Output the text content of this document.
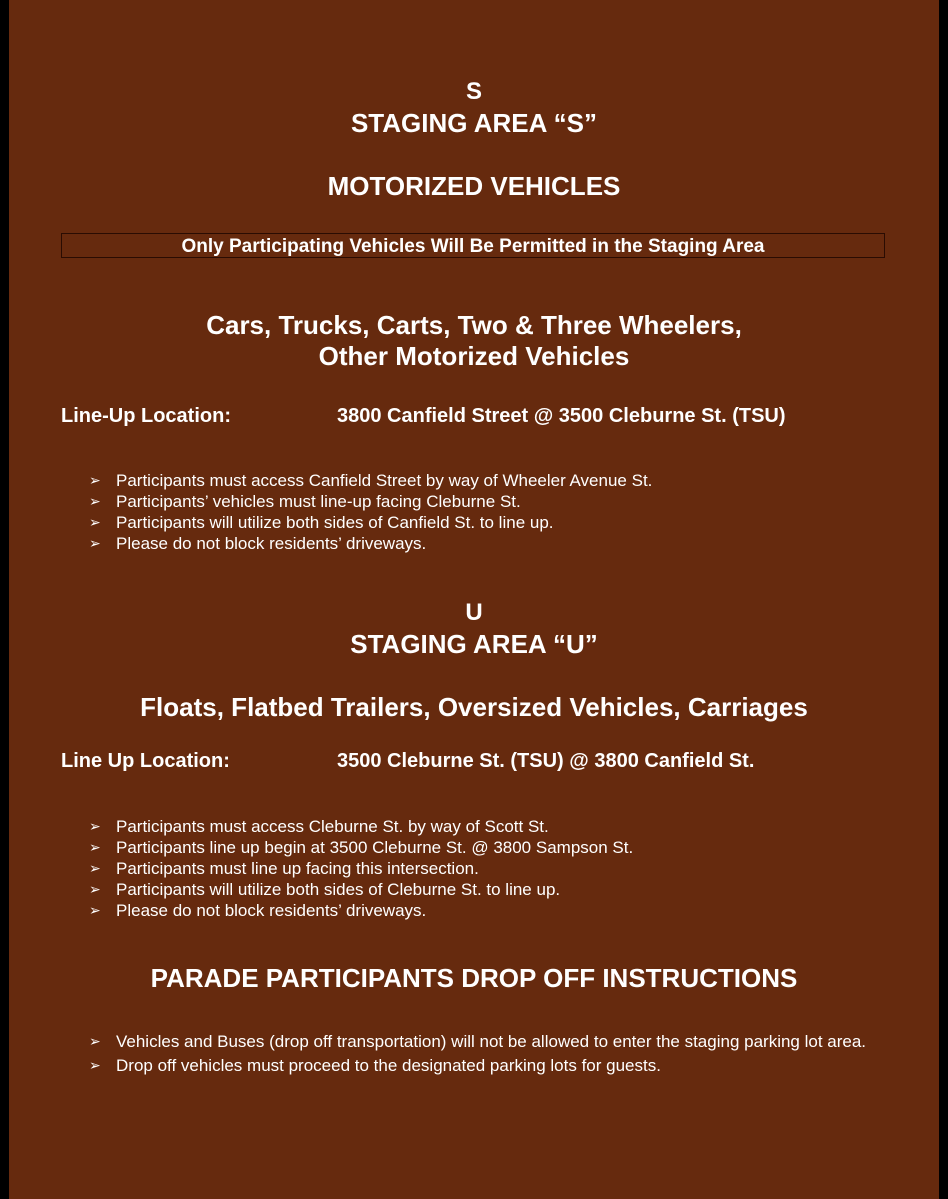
S
STAGING AREA “S”
MOTORIZED VEHICLES
Only Participating Vehicles Will Be Permitted in the Staging Area
Cars, Trucks, Carts, Two & Three Wheelers,
Other Motorized Vehicles
Line-Up Location:	3800 Canfield Street @ 3500 Cleburne St. (TSU)
➢ Participants must access Canfield Street by way of Wheeler Avenue St.
➢ Participants’ vehicles must line-up facing Cleburne St.
➢ Participants will utilize both sides of Canfield St. to line up.
➢ Please do not block residents’ driveways.
U
STAGING AREA “U”
Floats, Flatbed Trailers, Oversized Vehicles, Carriages
Line Up Location:	3500 Cleburne St. (TSU) @ 3800 Canfield St.
➢ Participants must access Cleburne St. by way of Scott St.
➢ Participants line up begin at 3500 Cleburne St. @ 3800 Sampson St.
➢ Participants must line up facing this intersection.
➢ Participants will utilize both sides of Cleburne St. to line up.
➢ Please do not block residents’ driveways.
PARADE PARTICIPANTS DROP OFF INSTRUCTIONS
➢ Vehicles and Buses (drop off transportation) will not be allowed to enter the staging parking lot area.
➢ Drop off vehicles must proceed to the designated parking lots for guests.
